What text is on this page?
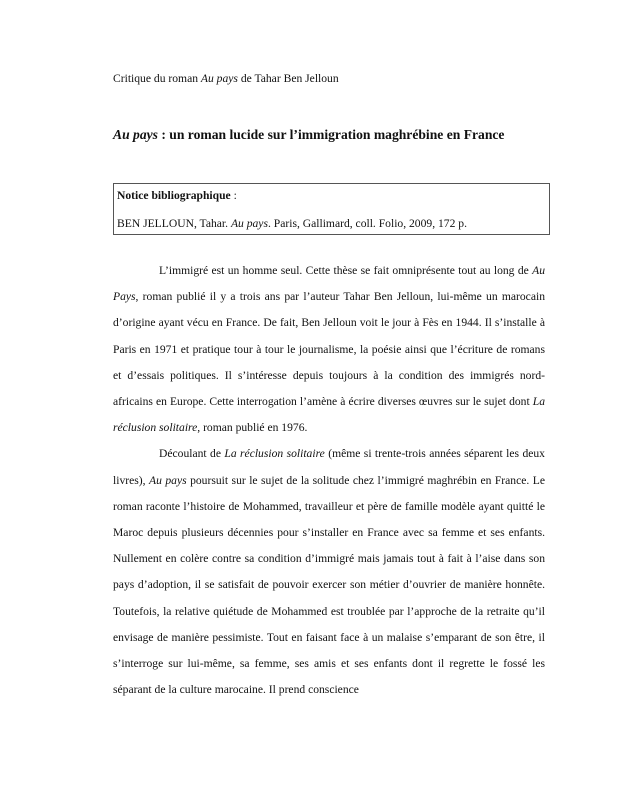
Critique du roman Au pays de Tahar Ben Jelloun
Au pays : un roman lucide sur l’immigration maghrébine en France
Notice bibliographique :
BEN JELLOUN, Tahar. Au pays. Paris, Gallimard, coll. Folio, 2009, 172 p.

L’immigré est un homme seul. Cette thèse se fait omniprésente tout au long de Au Pays, roman publié il y a trois ans par l’auteur Tahar Ben Jelloun, lui-même un marocain d’origine ayant vécu en France. De fait, Ben Jelloun voit le jour à Fès en 1944. Il s’installe à Paris en 1971 et pratique tour à tour le journalisme, la poésie ainsi que l’écriture de romans et d’essais politiques. Il s’intéresse depuis toujours à la condition des immigrés nord-africains en Europe. Cette interrogation l’amène à écrire diverses œuvres sur le sujet dont La réclusion solitaire, roman publié en 1976.

Découlant de La réclusion solitaire (même si trente-trois années séparent les deux livres), Au pays poursuit sur le sujet de la solitude chez l’immigré maghrébin en France. Le roman raconte l’histoire de Mohammed, travailleur et père de famille modèle ayant quitté le Maroc depuis plusieurs décennies pour s’installer en France avec sa femme et ses enfants. Nullement en colère contre sa condition d’immigré mais jamais tout à fait à l’aise dans son pays d’adoption, il se satisfait de pouvoir exercer son métier d’ouvrier de manière honnête. Toutefois, la relative quiétude de Mohammed est troublée par l’approche de la retraite qu’il envisage de manière pessimiste. Tout en faisant face à un malaise s’emparant de son être, il s’interroge sur lui-même, sa femme, ses amis et ses enfants dont il regrette le fossé les séparant de la culture marocaine. Il prend conscience
